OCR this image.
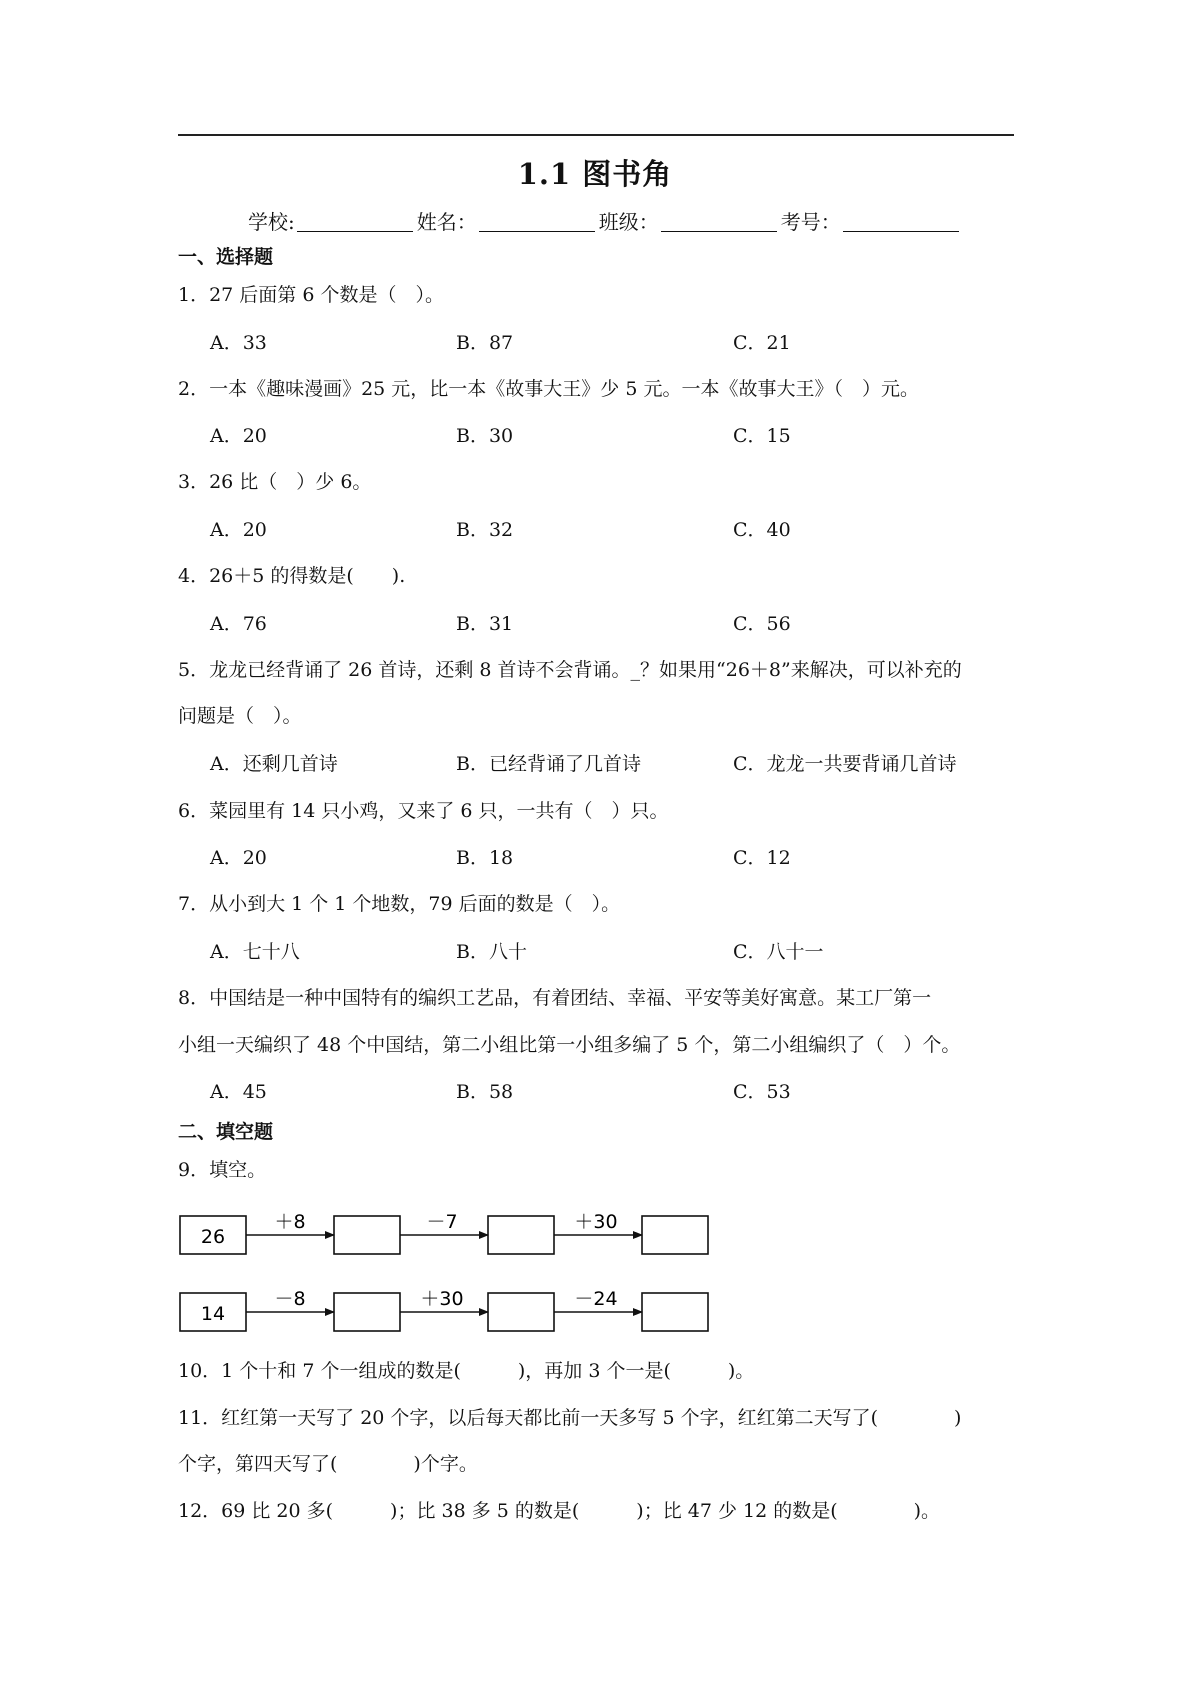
1.1 图书角
学校:	姓名：	班级：	考号：
一、选择题
1．27 后面第 6 个数是（　）。
A．33	B．87	C．21
2．一本《趣味漫画》25 元，比一本《故事大王》少 5 元。一本《故事大王》（　）元。
A．20	B．30	C．15
3．26 比（　）少 6。
A．20	B．32	C．40
4．26＋5 的得数是(　　).
A．76	B．31	C．56
5．龙龙已经背诵了 26 首诗，还剩 8 首诗不会背诵。_？如果用“26＋8”来解决，可以补充的
问题是（　）。
A．还剩几首诗	B．已经背诵了几首诗	C．龙龙一共要背诵几首诗
6．菜园里有 14 只小鸡，又来了 6 只，一共有（　）只。
A．20	B．18	C．12
7．从小到大 1 个 1 个地数，79 后面的数是（　）。
A．七十八	B．八十	C．八十一
8．中国结是一种中国特有的编织工艺品，有着团结、幸福、平安等美好寓意。某工厂第一
小组一天编织了 48 个中国结，第二小组比第一小组多编了 5 个，第二小组编织了（　）个。
A．45	B．58	C．53
二、填空题
9．填空。
26
＋8	－7	＋30
14
－8	＋30	－24
10．1 个十和 7 个一组成的数是(　　　)，再加 3 个一是(　　　)。
11．红红第一天写了 20 个字，以后每天都比前一天多写 5 个字，红红第二天写了(　　　　)
个字，第四天写了(　　　　)个字。
12．69 比 20 多(　　　)；比 38 多 5 的数是(　　　)；比 47 少 12 的数是(　　　　)。
